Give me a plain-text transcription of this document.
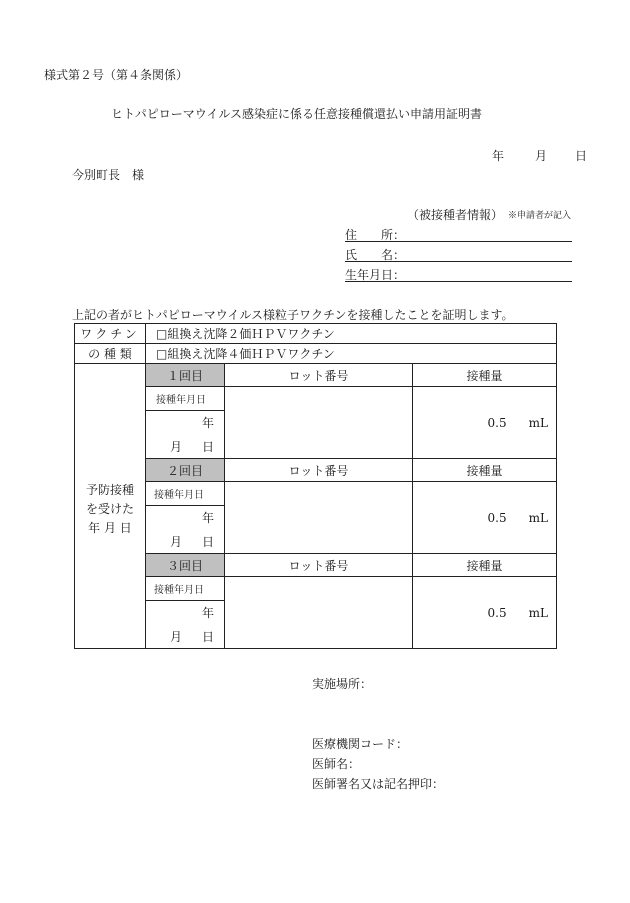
様式第２号（第４条関係）
ヒトパピローマウイルス感染症に係る任意接種償還払い申請用証明書
年	月 日
今別町長　様
（被接種者情報） ※申請者が記入
住　　所：
氏　　名：
生年月日：
上記の者がヒトパピローマウイルス様粒子ワクチンを接種したことを証明します。
ワクチン	□組換え沈降２価ＨＰＶワクチン		
の 種 類	□組換え沈降４価ＨＰＶワクチン		

予防接種
を受けた
年 月 日	１回目	ロット番号	接種量
	接種年月日		0.5 mL

	年		

	月 日		

	２回目	ロット番号	接種量
	接種年月日		0.5 mL

	年		

	月 日		

	３回目	ロット番号	接種量
	接種年月日		0.5 mL

	年		

	月 日		
実施場所：
医療機関コード：
医師名：
医師署名又は記名押印：
